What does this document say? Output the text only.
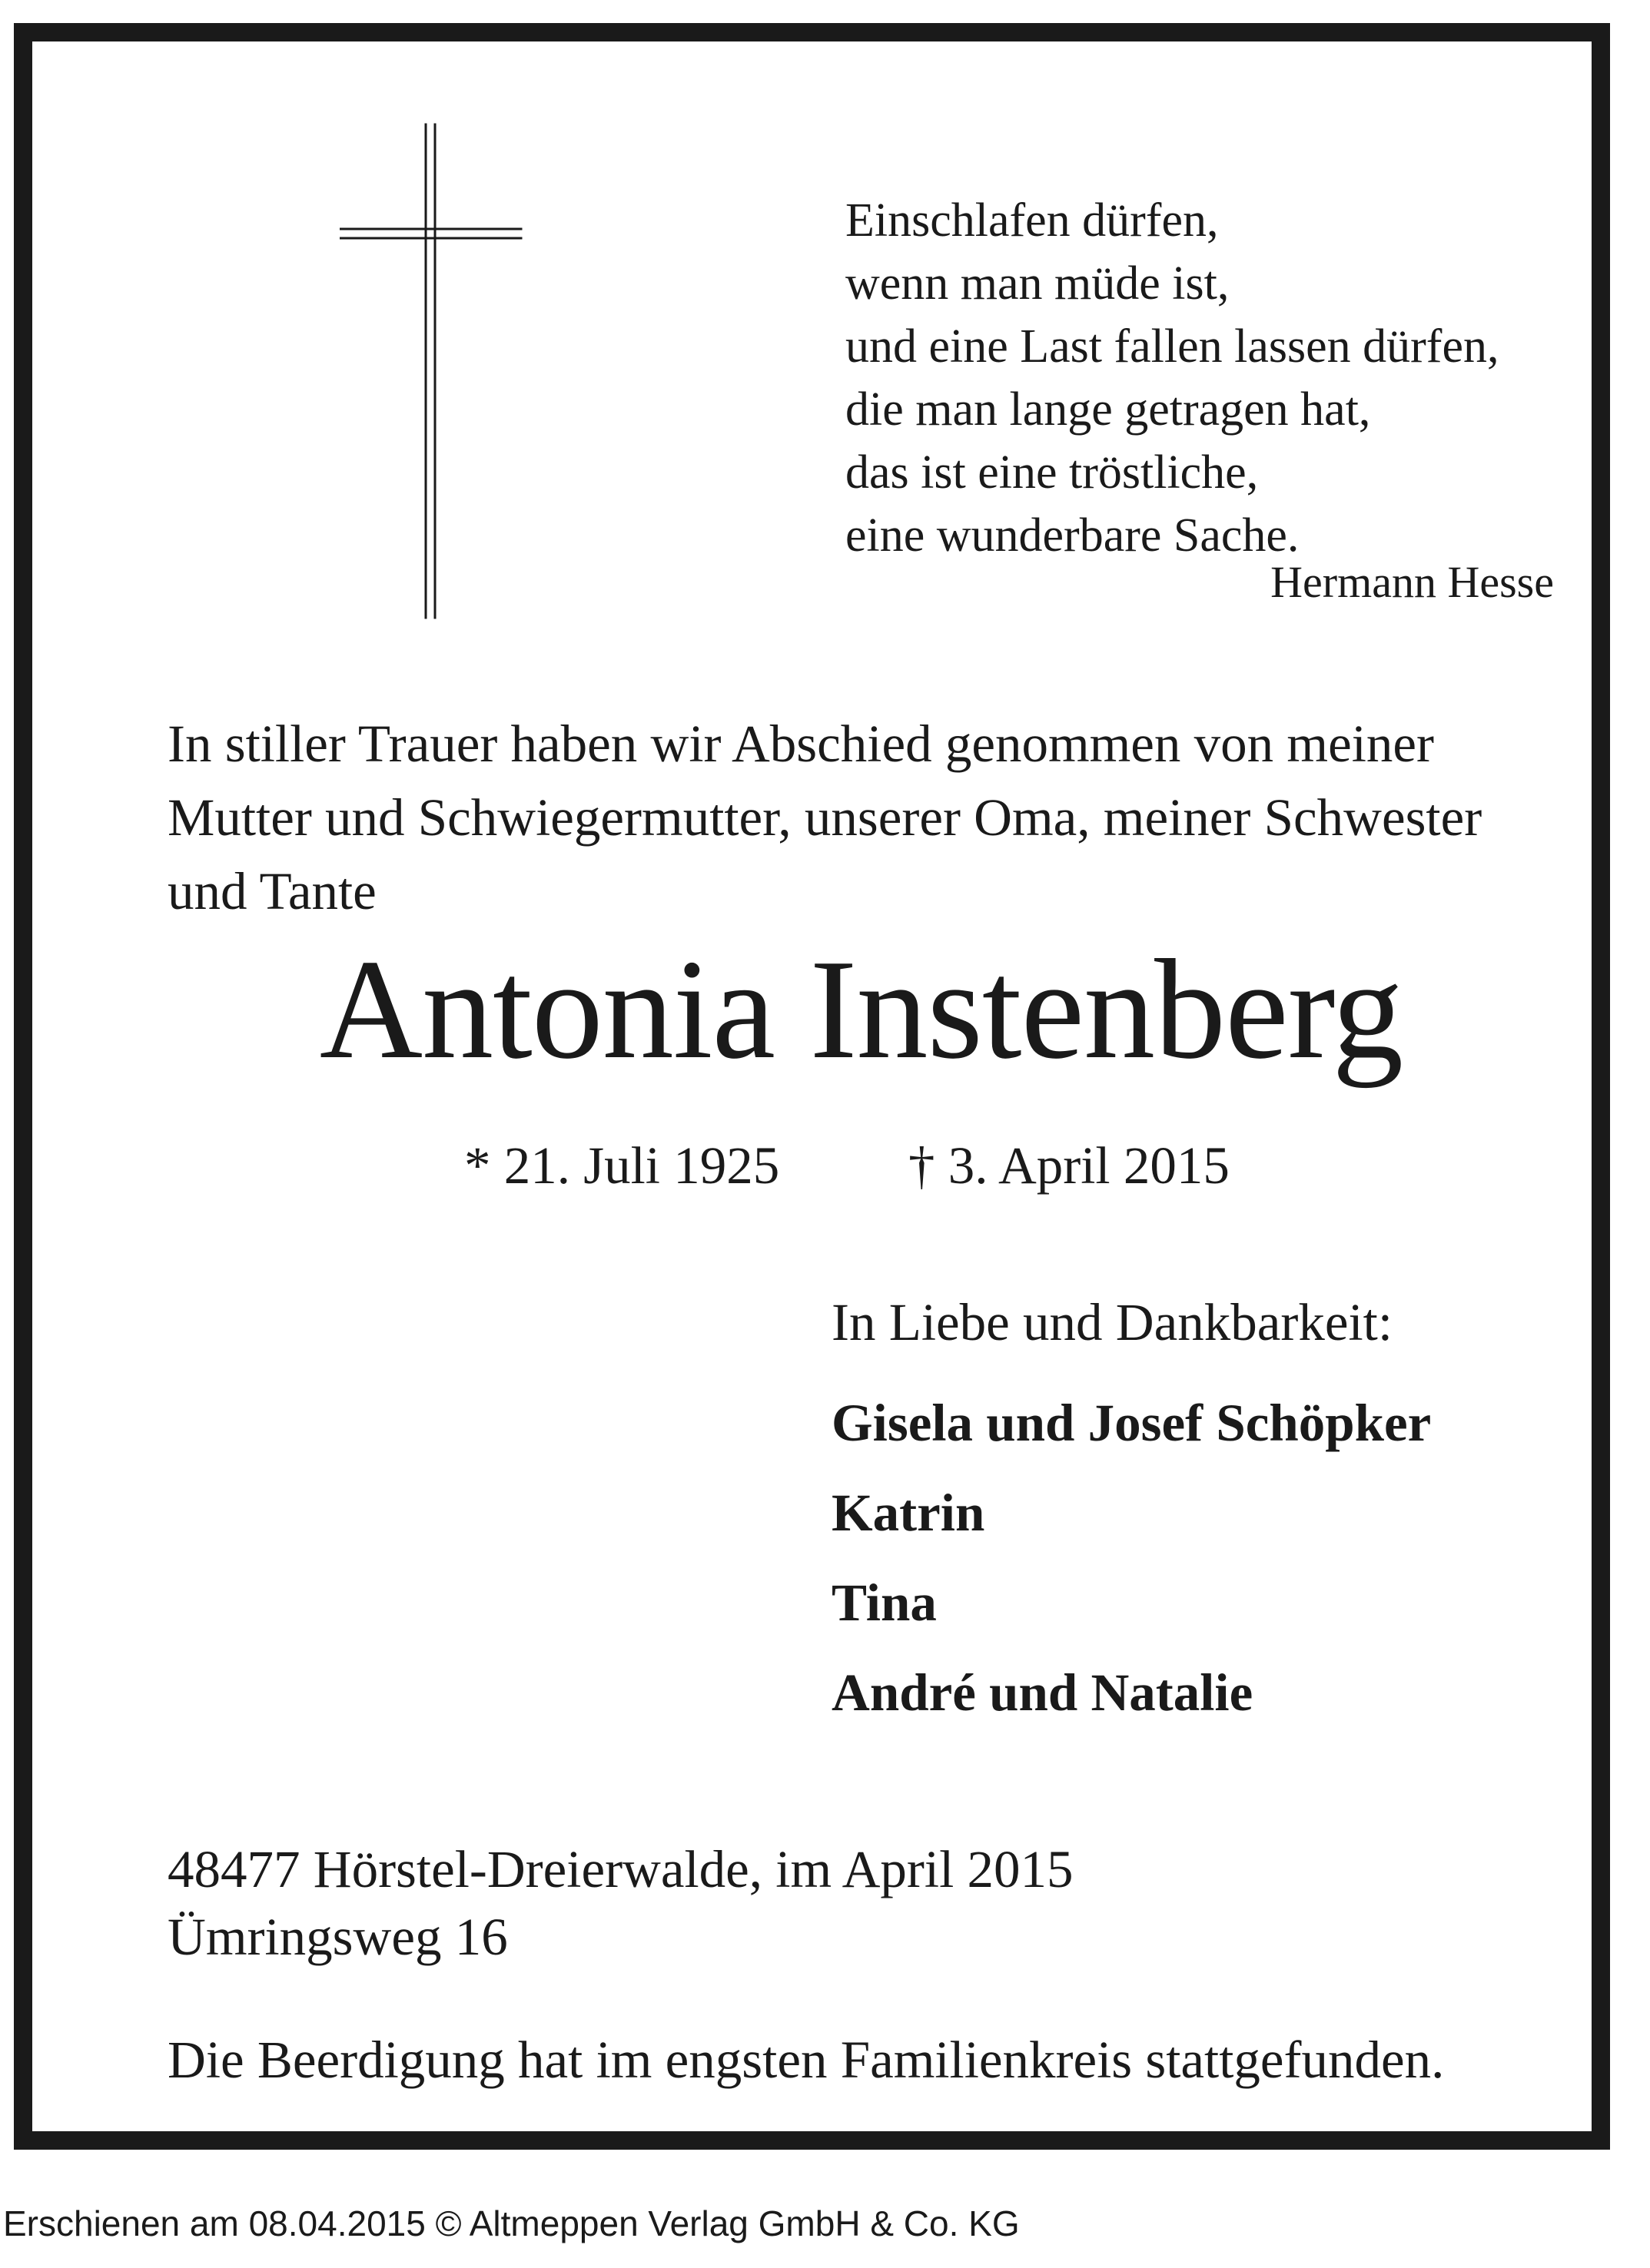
Einschlafen dürfen,
wenn man müde ist,
und eine Last fallen lassen dürfen,
die man lange getragen hat,
das ist eine tröstliche,
eine wunderbare Sache.
Hermann Hesse
In stiller Trauer haben wir Abschied genommen von meiner
Mutter und Schwiegermutter, unserer Oma, meiner Schwester
und Tante
Antonia Instenberg
* 21. Juli 1925 † 3. April 2015
In Liebe und Dankbarkeit:
Gisela und Josef Schöpker
Katrin
Tina
André und Natalie
48477 Hörstel-Dreierwalde, im April 2015
Ümringsweg 16
Die Beerdigung hat im engsten Familienkreis stattgefunden.
Erschienen am 08.04.2015 © Altmeppen Verlag GmbH & Co. KG
